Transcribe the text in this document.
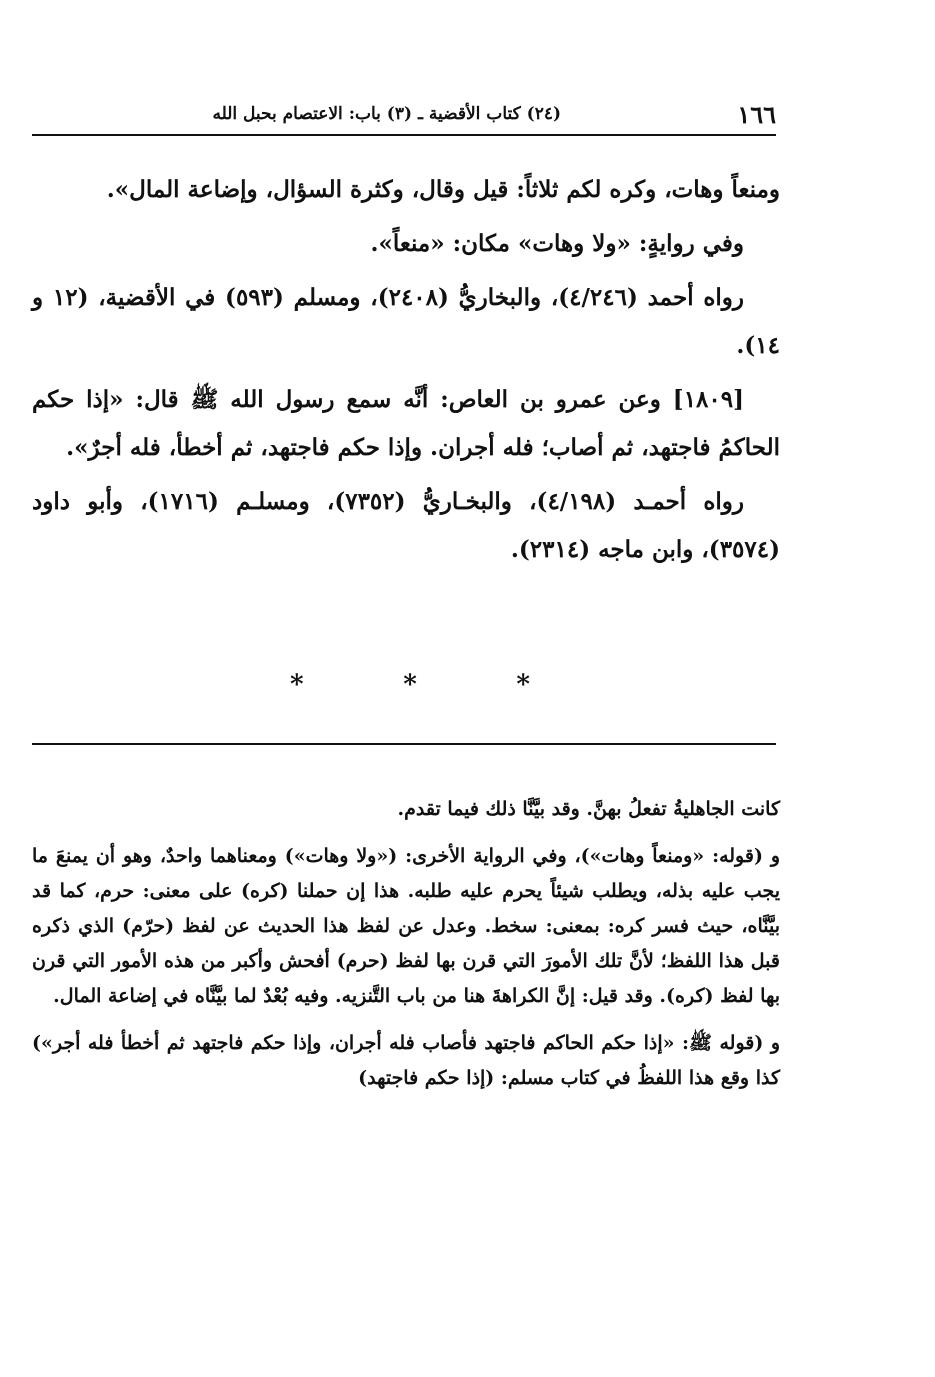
١٦٦
(٢٤) كتاب الأقضية ـ (٣) باب: الاعتصام بحبل الله

ومنعاً وهات، وكره لكم ثلاثاً: قيل وقال، وكثرة السؤال، وإضاعة المال».

وفي روايةٍ: «ولا وهات» مكان: «منعاً».

رواه أحمد (٤/٢٤٦)، والبخاريُّ (٢٤٠٨)، ومسلم (٥٩٣) في الأقضية، (١٢ و ١٤).

[١٨٠٩] وعن عمرو بن العاص: أنَّه سمع رسول الله ﷺ قال: «إذا حكم الحاكمُ فاجتهد، ثم أصاب؛ فله أجران. وإذا حكم فاجتهد، ثم أخطأ، فله أجرٌ».

رواه أحمـد (٤/١٩٨)، والبخـاريُّ (٧٣٥٢)، ومسلـم (١٧١٦)، وأبو داود (٣٥٧٤)، وابن ماجه (٢٣١٤).

*
*
*

كانت الجاهليةُ تفعلُ بهنَّ. وقد بيَّنَّا ذلك فيما تقدم.

و (قوله: «ومنعاً وهات»)، وفي الرواية الأخرى: («ولا وهات») ومعناهما واحدٌ، وهو أن يمنعَ ما يجب عليه بذله، ويطلب شيئاً يحرم عليه طلبه. هذا إن حملنا (كره) على معنى: حرم، كما قد بيَّنَّاه، حيث فسر كره: بمعنى: سخط. وعدل عن لفظ هذا الحديث عن لفظ (حرّم) الذي ذكره قبل هذا اللفظ؛ لأنَّ تلك الأمورَ التي قرن بها لفظ (حرم) أفحش وأكبر من هذه الأمور التي قرن بها لفظ (كره). وقد قيل: إنَّ الكراهةَ هنا من باب التَّنزيه. وفيه بُعْدٌ لما بيَّنَّاه في إضاعة المال.

و (قوله ﷺ: «إذا حكم الحاكم فاجتهد فأصاب فله أجران، وإذا حكم فاجتهد ثم أخطأ فله أجر») كذا وقع هذا اللفظُ في كتاب مسلم: (إذا حكم فاجتهد)
